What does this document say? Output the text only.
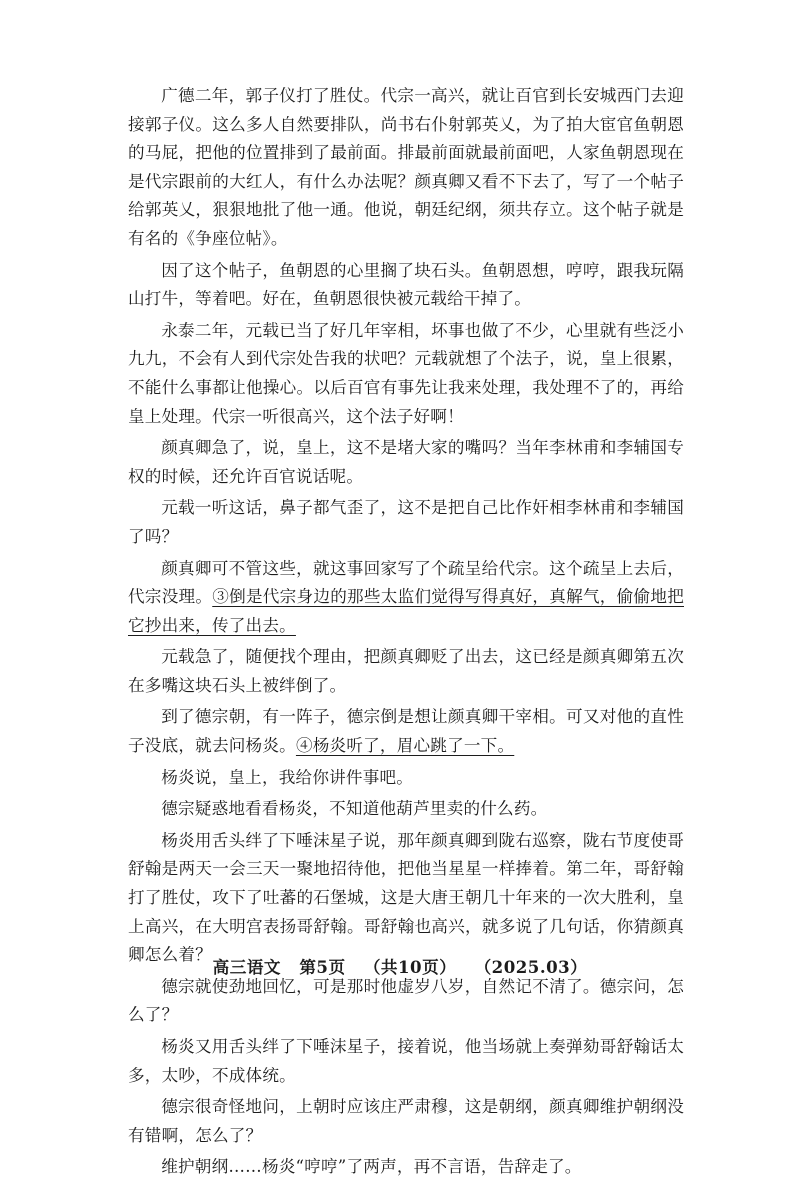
广德二年，郭子仪打了胜仗。代宗一高兴，就让百官到长安城西门去迎接郭子仪。这么多人自然要排队，尚书右仆射郭英乂，为了拍大宦官鱼朝恩的马屁，把他的位置排到了最前面。排最前面就最前面吧，人家鱼朝恩现在是代宗跟前的大红人，有什么办法呢？颜真卿又看不下去了，写了一个帖子给郭英乂，狠狠地批了他一通。他说，朝廷纪纲，须共存立。这个帖子就是有名的《争座位帖》。

因了这个帖子，鱼朝恩的心里搁了块石头。鱼朝恩想，哼哼，跟我玩隔山打牛，等着吧。好在，鱼朝恩很快被元载给干掉了。

永泰二年，元载已当了好几年宰相，坏事也做了不少，心里就有些泛小九九，不会有人到代宗处告我的状吧？元载就想了个法子，说，皇上很累，不能什么事都让他操心。以后百官有事先让我来处理，我处理不了的，再给皇上处理。代宗一听很高兴，这个法子好啊！

颜真卿急了，说，皇上，这不是堵大家的嘴吗？当年李林甫和李辅国专权的时候，还允许百官说话呢。

元载一听这话，鼻子都气歪了，这不是把自己比作奸相李林甫和李辅国了吗？

颜真卿可不管这些，就这事回家写了个疏呈给代宗。这个疏呈上去后，代宗没理。③倒是代宗身边的那些太监们觉得写得真好，真解气，偷偷地把它抄出来，传了出去。

元载急了，随便找个理由，把颜真卿贬了出去，这已经是颜真卿第五次在多嘴这块石头上被绊倒了。

到了德宗朝，有一阵子，德宗倒是想让颜真卿干宰相。可又对他的直性子没底，就去问杨炎。④杨炎听了，眉心跳了一下。

杨炎说，皇上，我给你讲件事吧。

德宗疑惑地看看杨炎，不知道他葫芦里卖的什么药。

杨炎用舌头绊了下唾沫星子说，那年颜真卿到陇右巡察，陇右节度使哥舒翰是两天一会三天一聚地招待他，把他当星星一样捧着。第二年，哥舒翰打了胜仗，攻下了吐蕃的石堡城，这是大唐王朝几十年来的一次大胜利，皇上高兴，在大明宫表扬哥舒翰。哥舒翰也高兴，就多说了几句话，你猜颜真卿怎么着？

德宗就使劲地回忆，可是那时他虚岁八岁，自然记不清了。德宗问，怎么了？

杨炎又用舌头绊了下唾沫星子，接着说，他当场就上奏弹劾哥舒翰话太多，太吵，不成体统。

德宗很奇怪地问，上朝时应该庄严肃穆，这是朝纲，颜真卿维护朝纲没有错啊，怎么了？

维护朝纲……杨炎“哼哼”了两声，再不言语，告辞走了。

高三语文 第5页 （共10页） （2025.03）
